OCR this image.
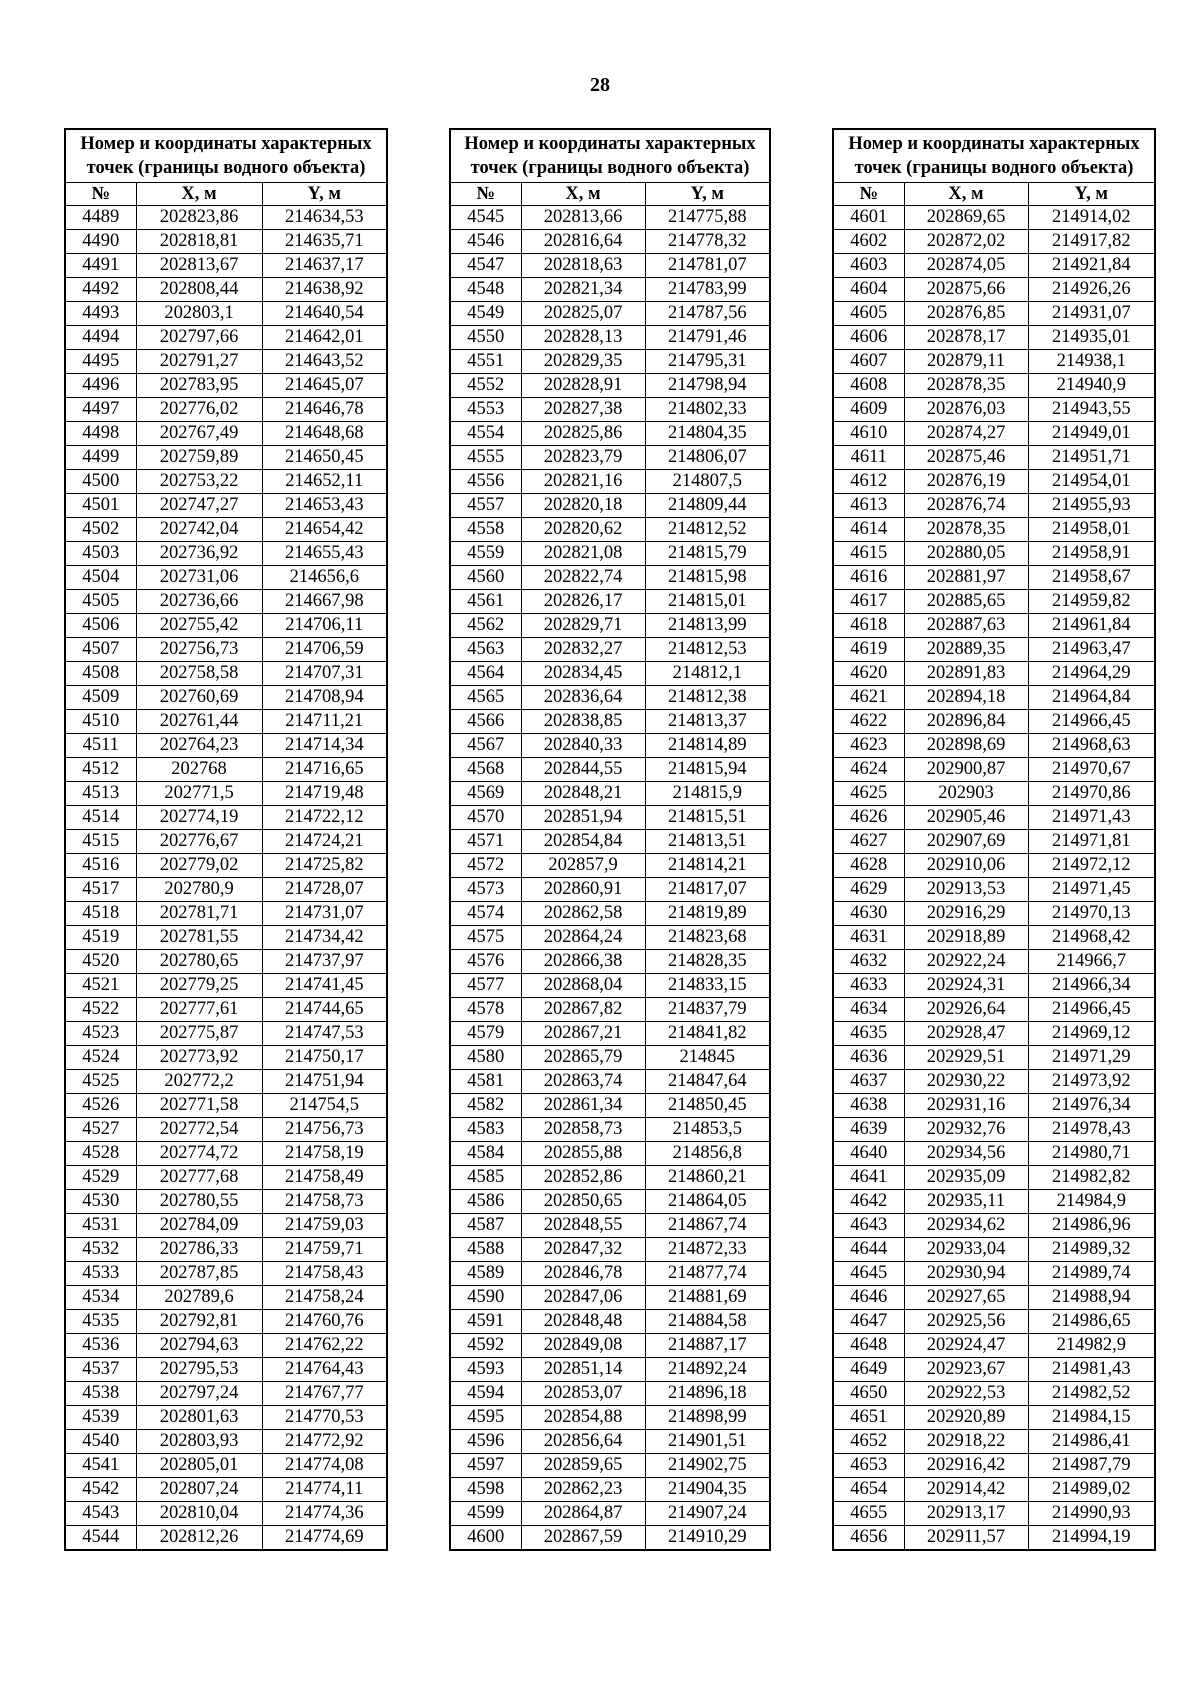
28
Номер и координаты характерных точек (границы водного объекта)		
№	X, м	Y, м
4489	202823,86	214634,53
4490	202818,81	214635,71
4491	202813,67	214637,17
4492	202808,44	214638,92
4493	202803,1	214640,54
4494	202797,66	214642,01
4495	202791,27	214643,52
4496	202783,95	214645,07
4497	202776,02	214646,78
4498	202767,49	214648,68
4499	202759,89	214650,45
4500	202753,22	214652,11
4501	202747,27	214653,43
4502	202742,04	214654,42
4503	202736,92	214655,43
4504	202731,06	214656,6
4505	202736,66	214667,98
4506	202755,42	214706,11
4507	202756,73	214706,59
4508	202758,58	214707,31
4509	202760,69	214708,94
4510	202761,44	214711,21
4511	202764,23	214714,34
4512	202768	214716,65
4513	202771,5	214719,48
4514	202774,19	214722,12
4515	202776,67	214724,21
4516	202779,02	214725,82
4517	202780,9	214728,07
4518	202781,71	214731,07
4519	202781,55	214734,42
4520	202780,65	214737,97
4521	202779,25	214741,45
4522	202777,61	214744,65
4523	202775,87	214747,53
4524	202773,92	214750,17
4525	202772,2	214751,94
4526	202771,58	214754,5
4527	202772,54	214756,73
4528	202774,72	214758,19
4529	202777,68	214758,49
4530	202780,55	214758,73
4531	202784,09	214759,03
4532	202786,33	214759,71
4533	202787,85	214758,43
4534	202789,6	214758,24
4535	202792,81	214760,76
4536	202794,63	214762,22
4537	202795,53	214764,43
4538	202797,24	214767,77
4539	202801,63	214770,53
4540	202803,93	214772,92
4541	202805,01	214774,08
4542	202807,24	214774,11
4543	202810,04	214774,36
4544	202812,26	214774,69
Номер и координаты характерных точек (границы водного объекта)		
№	X, м	Y, м
4545	202813,66	214775,88
4546	202816,64	214778,32
4547	202818,63	214781,07
4548	202821,34	214783,99
4549	202825,07	214787,56
4550	202828,13	214791,46
4551	202829,35	214795,31
4552	202828,91	214798,94
4553	202827,38	214802,33
4554	202825,86	214804,35
4555	202823,79	214806,07
4556	202821,16	214807,5
4557	202820,18	214809,44
4558	202820,62	214812,52
4559	202821,08	214815,79
4560	202822,74	214815,98
4561	202826,17	214815,01
4562	202829,71	214813,99
4563	202832,27	214812,53
4564	202834,45	214812,1
4565	202836,64	214812,38
4566	202838,85	214813,37
4567	202840,33	214814,89
4568	202844,55	214815,94
4569	202848,21	214815,9
4570	202851,94	214815,51
4571	202854,84	214813,51
4572	202857,9	214814,21
4573	202860,91	214817,07
4574	202862,58	214819,89
4575	202864,24	214823,68
4576	202866,38	214828,35
4577	202868,04	214833,15
4578	202867,82	214837,79
4579	202867,21	214841,82
4580	202865,79	214845
4581	202863,74	214847,64
4582	202861,34	214850,45
4583	202858,73	214853,5
4584	202855,88	214856,8
4585	202852,86	214860,21
4586	202850,65	214864,05
4587	202848,55	214867,74
4588	202847,32	214872,33
4589	202846,78	214877,74
4590	202847,06	214881,69
4591	202848,48	214884,58
4592	202849,08	214887,17
4593	202851,14	214892,24
4594	202853,07	214896,18
4595	202854,88	214898,99
4596	202856,64	214901,51
4597	202859,65	214902,75
4598	202862,23	214904,35
4599	202864,87	214907,24
4600	202867,59	214910,29
Номер и координаты характерных точек (границы водного объекта)		
№	X, м	Y, м
4601	202869,65	214914,02
4602	202872,02	214917,82
4603	202874,05	214921,84
4604	202875,66	214926,26
4605	202876,85	214931,07
4606	202878,17	214935,01
4607	202879,11	214938,1
4608	202878,35	214940,9
4609	202876,03	214943,55
4610	202874,27	214949,01
4611	202875,46	214951,71
4612	202876,19	214954,01
4613	202876,74	214955,93
4614	202878,35	214958,01
4615	202880,05	214958,91
4616	202881,97	214958,67
4617	202885,65	214959,82
4618	202887,63	214961,84
4619	202889,35	214963,47
4620	202891,83	214964,29
4621	202894,18	214964,84
4622	202896,84	214966,45
4623	202898,69	214968,63
4624	202900,87	214970,67
4625	202903	214970,86
4626	202905,46	214971,43
4627	202907,69	214971,81
4628	202910,06	214972,12
4629	202913,53	214971,45
4630	202916,29	214970,13
4631	202918,89	214968,42
4632	202922,24	214966,7
4633	202924,31	214966,34
4634	202926,64	214966,45
4635	202928,47	214969,12
4636	202929,51	214971,29
4637	202930,22	214973,92
4638	202931,16	214976,34
4639	202932,76	214978,43
4640	202934,56	214980,71
4641	202935,09	214982,82
4642	202935,11	214984,9
4643	202934,62	214986,96
4644	202933,04	214989,32
4645	202930,94	214989,74
4646	202927,65	214988,94
4647	202925,56	214986,65
4648	202924,47	214982,9
4649	202923,67	214981,43
4650	202922,53	214982,52
4651	202920,89	214984,15
4652	202918,22	214986,41
4653	202916,42	214987,79
4654	202914,42	214989,02
4655	202913,17	214990,93
4656	202911,57	214994,19
